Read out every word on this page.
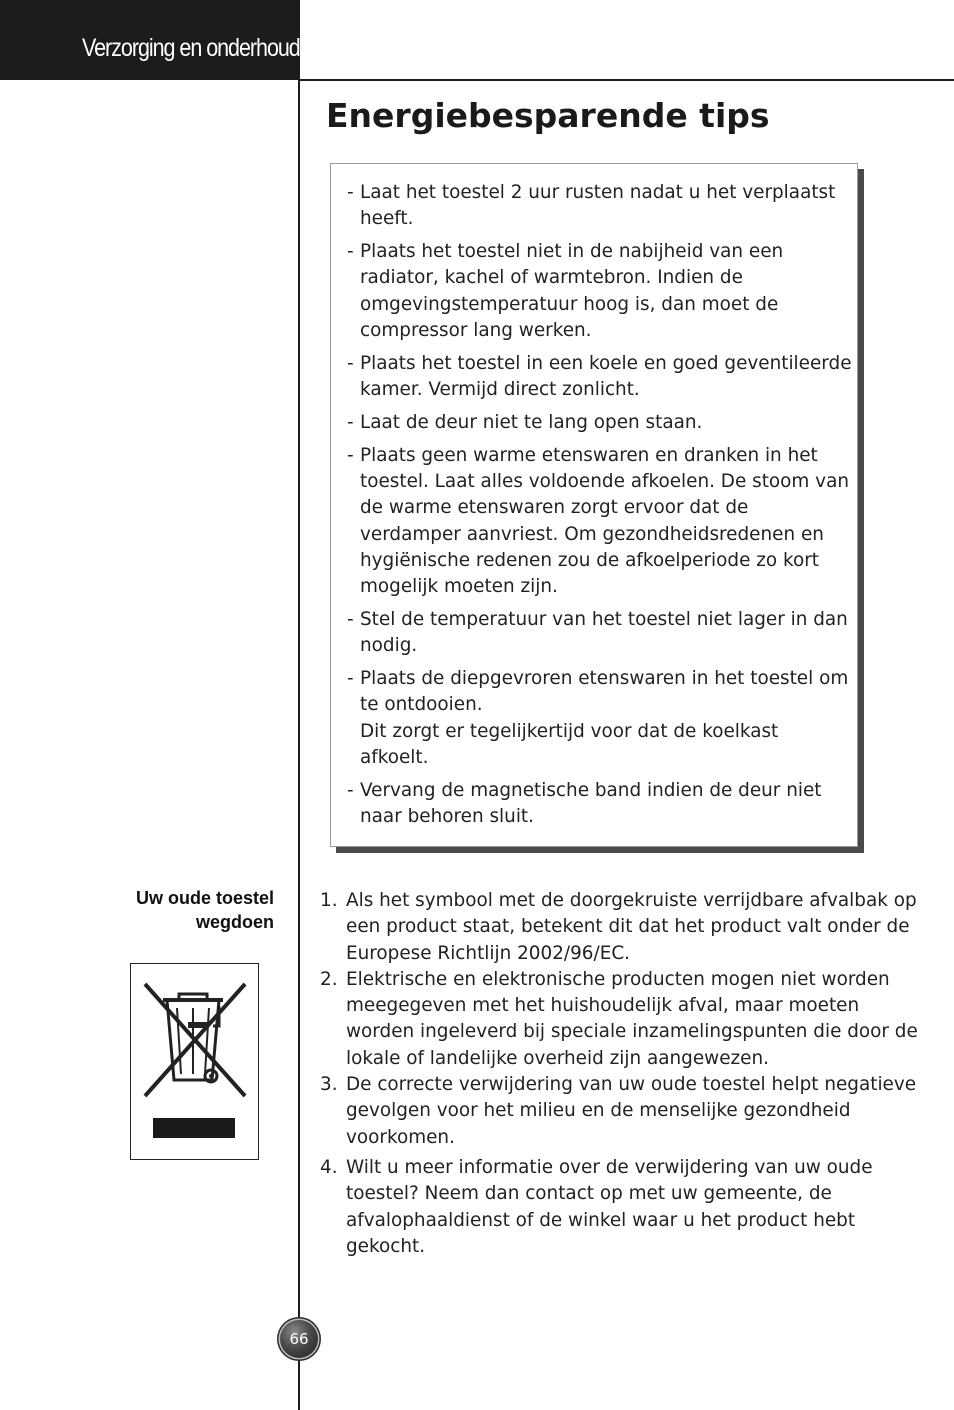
Verzorging en onderhoud
Energiebesparende tips
- Laat het toestel 2 uur rusten nadat u het verplaatst heeft.
- Plaats het toestel niet in de nabijheid van een radiator, kachel of warmtebron. Indien de omgevingstemperatuur hoog is, dan moet de compressor lang werken.
- Plaats het toestel in een koele en goed geventileerde kamer. Vermijd direct zonlicht.
- Laat de deur niet te lang open staan.
- Plaats geen warme etenswaren en dranken in het toestel. Laat alles voldoende afkoelen. De stoom van de warme etenswaren zorgt ervoor dat de verdamper aanvriest. Om gezondheidsredenen en hygiënische redenen zou de afkoelperiode zo kort mogelijk moeten zijn.
- Stel de temperatuur van het toestel niet lager in dan nodig.
- Plaats de diepgevroren etenswaren in het toestel om te ontdooien.
Dit zorgt er tegelijkertijd voor dat de koelkast afkoelt.
- Vervang de magnetische band indien de deur niet naar behoren sluit.
Uw oude toestel
wegdoen
1. Als het symbool met de doorgekruiste verrijdbare afvalbak op een product staat, betekent dit dat het product valt onder de Europese Richtlijn 2002/96/EC.
2. Elektrische en elektronische producten mogen niet worden meegegeven met het huishoudelijk afval, maar moeten worden ingeleverd bij speciale inzamelingspunten die door de lokale of landelijke overheid zijn aangewezen.
3. De correcte verwijdering van uw oude toestel helpt negatieve gevolgen voor het milieu en de menselijke gezondheid voorkomen.
4. Wilt u meer informatie over de verwijdering van uw oude toestel? Neem dan contact op met uw gemeente, de afvalophaaldienst of de winkel waar u het product hebt gekocht.
66
